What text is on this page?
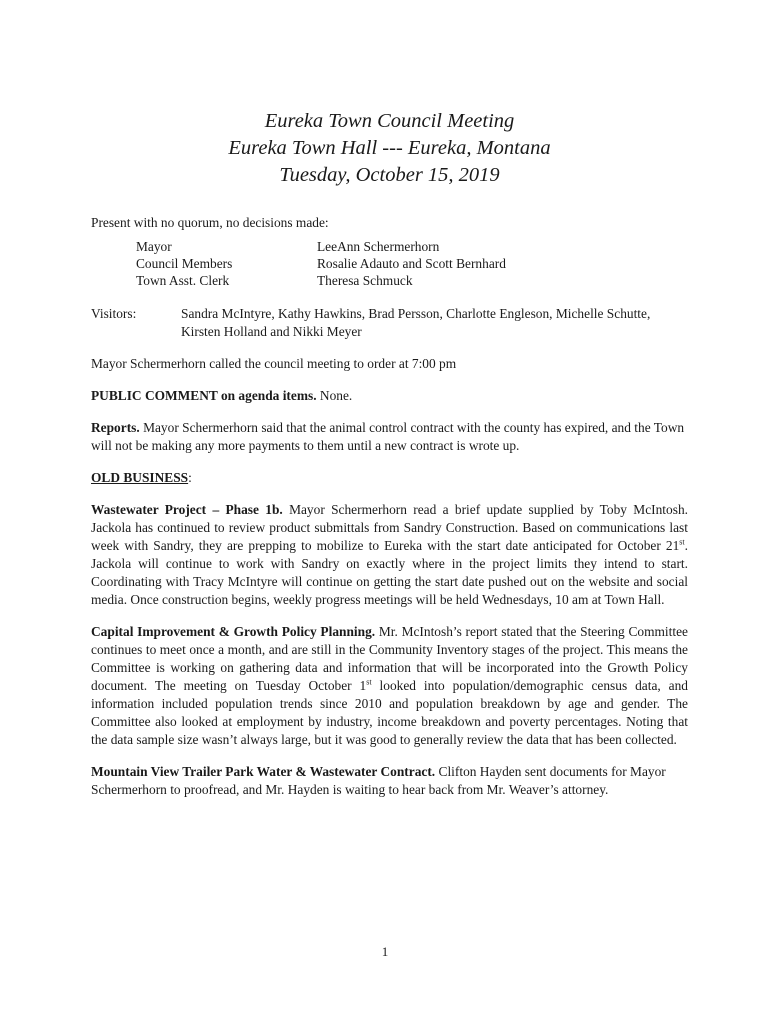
Eureka Town Council Meeting

Eureka Town Hall --- Eureka, Montana

Tuesday, October 15, 2019

Present with no quorum, no decisions made:

Mayor	LeeAnn Schermerhorn
Council Members	Rosalie Adauto and Scott Bernhard
Town Asst. Clerk	Theresa Schmuck
Visitors:	Sandra McIntyre, Kathy Hawkins, Brad Persson, Charlotte Engleson, Michelle Schutte, Kirsten Holland and Nikki Meyer

Mayor Schermerhorn called the council meeting to order at 7:00 pm

PUBLIC COMMENT on agenda items. None.

Reports. Mayor Schermerhorn said that the animal control contract with the county has expired, and the Town will not be making any more payments to them until a new contract is wrote up.

OLD BUSINESS:

Wastewater Project – Phase 1b. Mayor Schermerhorn read a brief update supplied by Toby McIntosh. Jackola has continued to review product submittals from Sandry Construction. Based on communications last week with Sandry, they are prepping to mobilize to Eureka with the start date anticipated for October 21st. Jackola will continue to work with Sandry on exactly where in the project limits they intend to start. Coordinating with Tracy McIntyre will continue on getting the start date pushed out on the website and social media. Once construction begins, weekly progress meetings will be held Wednesdays, 10 am at Town Hall.

Capital Improvement & Growth Policy Planning. Mr. McIntosh’s report stated that the Steering Committee continues to meet once a month, and are still in the Community Inventory stages of the project. This means the Committee is working on gathering data and information that will be incorporated into the Growth Policy document. The meeting on Tuesday October 1st looked into population/demographic census data, and information included population trends since 2010 and population breakdown by age and gender. The Committee also looked at employment by industry, income breakdown and poverty percentages. Noting that the data sample size wasn’t always large, but it was good to generally review the data that has been collected.

Mountain View Trailer Park Water & Wastewater Contract. Clifton Hayden sent documents for Mayor Schermerhorn to proofread, and Mr. Hayden is waiting to hear back from Mr. Weaver’s attorney.

1
